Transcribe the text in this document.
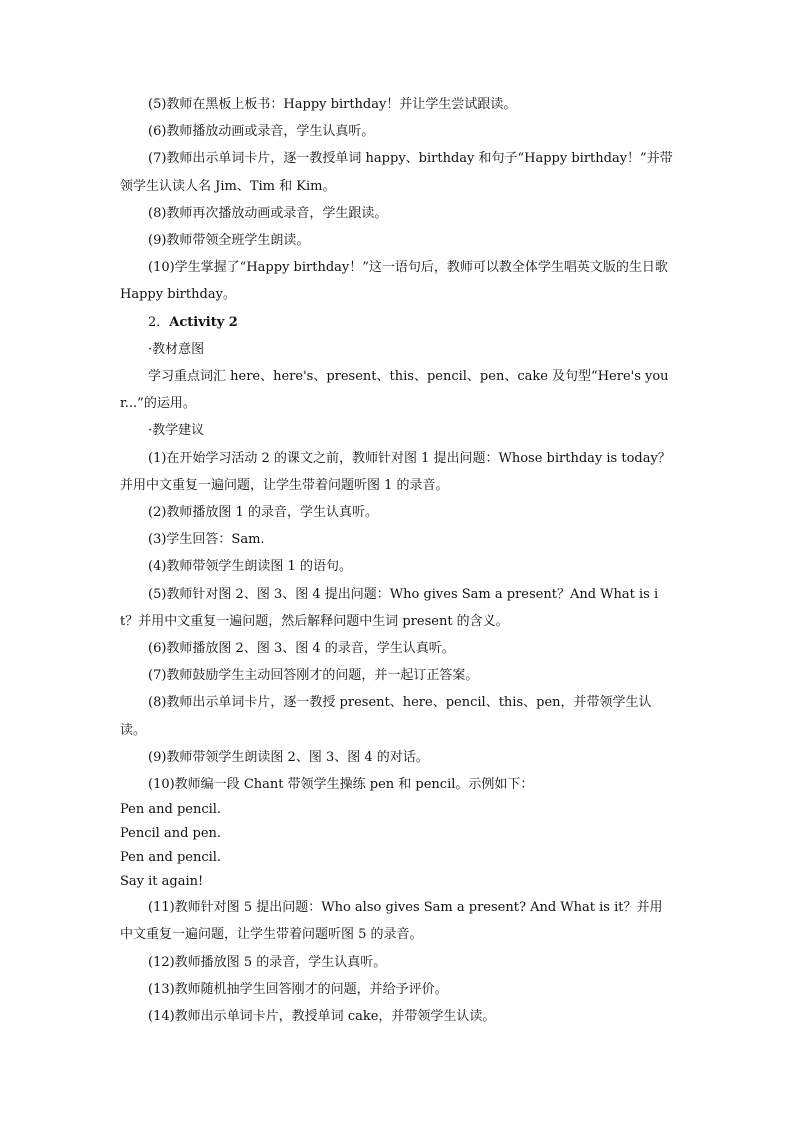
(5)教师在黑板上板书：Happy birthday！并让学生尝试跟读。

(6)教师播放动画或录音，学生认真听。

(7)教师出示单词卡片，逐一教授单词 happy、birthday 和句子“Happy birthday！”并带领学生认读人名 Jim、Tim 和 Kim。

(8)教师再次播放动画或录音，学生跟读。

(9)教师带领全班学生朗读。

(10)学生掌握了“Happy birthday！”这一语句后，教师可以教全体学生唱英文版的生日歌　Happy birthday。

2．Activity 2

·教材意图

学习重点词汇 here、here's、present、this、pencil、pen、cake 及句型“Here's your...”的运用。

·教学建议

(1)在开始学习活动 2 的课文之前，教师针对图 1 提出问题：Whose birthday is today？并用中文重复一遍问题，让学生带着问题听图 1 的录音。

(2)教师播放图 1 的录音，学生认真听。

(3)学生回答：Sam.

(4)教师带领学生朗读图 1 的语句。

(5)教师针对图 2、图 3、图 4 提出问题：Who gives Sam a present？And What is it？并用中文重复一遍问题，然后解释问题中生词 present 的含义。

(6)教师播放图 2、图 3、图 4 的录音，学生认真听。

(7)教师鼓励学生主动回答刚才的问题，并一起订正答案。

(8)教师出示单词卡片，逐一教授 present、here、pencil、this、pen，并带领学生认读。

(9)教师带领学生朗读图 2、图 3、图 4 的对话。

(10)教师编一段 Chant 带领学生操练 pen 和 pencil。示例如下：

Pen and pencil.

Pencil and pen.

Pen and pencil.

Say it again!

(11)教师针对图 5 提出问题：Who also gives Sam a present? And What is it？并用中文重复一遍问题，让学生带着问题听图 5 的录音。

(12)教师播放图 5 的录音，学生认真听。

(13)教师随机抽学生回答刚才的问题，并给予评价。

(14)教师出示单词卡片，教授单词 cake，并带领学生认读。
